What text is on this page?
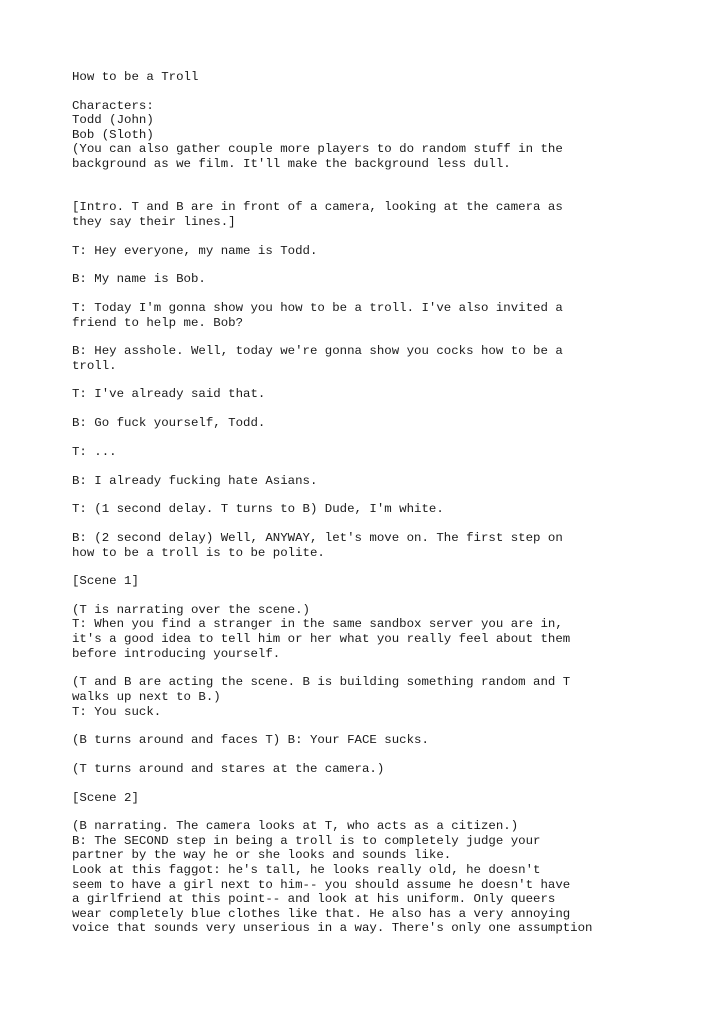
How to be a Troll
Characters:
Todd (John)
Bob (Sloth)
(You can also gather couple more players to do random stuff in the
background as we film. It'll make the background less dull.
[Intro. T and B are in front of a camera, looking at the camera as
they say their lines.]
T: Hey everyone, my name is Todd.
B: My name is Bob.
T: Today I'm gonna show you how to be a troll. I've also invited a
friend to help me. Bob?
B: Hey asshole. Well, today we're gonna show you cocks how to be a
troll.
T: I've already said that.
B: Go fuck yourself, Todd.
T: ...
B: I already fucking hate Asians.
T: (1 second delay. T turns to B) Dude, I'm white.
B: (2 second delay) Well, ANYWAY, let's move on. The first step on
how to be a troll is to be polite.
[Scene 1]
(T is narrating over the scene.)
T: When you find a stranger in the same sandbox server you are in,
it's a good idea to tell him or her what you really feel about them
before introducing yourself.
(T and B are acting the scene. B is building something random and T
walks up next to B.)
T: You suck.
(B turns around and faces T) B: Your FACE sucks.
(T turns around and stares at the camera.)
[Scene 2]
(B narrating. The camera looks at T, who acts as a citizen.)
B: The SECOND step in being a troll is to completely judge your
partner by the way he or she looks and sounds like.
Look at this faggot: he's tall, he looks really old, he doesn't
seem to have a girl next to him-- you should assume he doesn't have
a girlfriend at this point-- and look at his uniform. Only queers
wear completely blue clothes like that. He also has a very annoying
voice that sounds very unserious in a way. There's only one assumption
